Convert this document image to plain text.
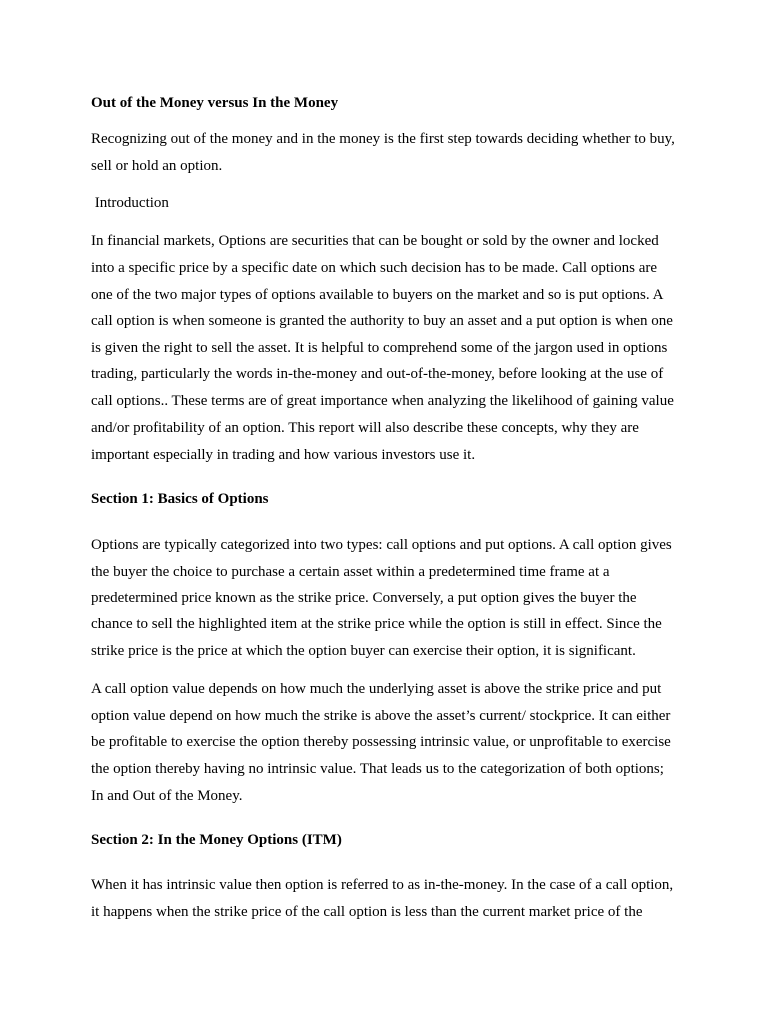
Out of the Money versus In the Money
Recognizing out of the money and in the money is the first step towards deciding whether to buy,
sell or hold an option.
Introduction
In financial markets, Options are securities that can be bought or sold by the owner and locked
into a specific price by a specific date on which such decision has to be made. Call options are
one of the two major types of options available to buyers on the market and so is put options. A
call option is when someone is granted the authority to buy an asset and a put option is when one
is given the right to sell the asset. It is helpful to comprehend some of the jargon used in options
trading, particularly the words in-the-money and out-of-the-money, before looking at the use of
call options.. These terms are of great importance when analyzing the likelihood of gaining value
and/or profitability of an option. This report will also describe these concepts, why they are
important especially in trading and how various investors use it.
Section 1: Basics of Options
Options are typically categorized into two types: call options and put options. A call option gives
the buyer the choice to purchase a certain asset within a predetermined time frame at a
predetermined price known as the strike price. Conversely, a put option gives the buyer the
chance to sell the highlighted item at the strike price while the option is still in effect. Since the
strike price is the price at which the option buyer can exercise their option, it is significant.
A call option value depends on how much the underlying asset is above the strike price and put
option value depend on how much the strike is above the asset’s current/ stockprice. It can either
be profitable to exercise the option thereby possessing intrinsic value, or unprofitable to exercise
the option thereby having no intrinsic value. That leads us to the categorization of both options;
In and Out of the Money.
Section 2: In the Money Options (ITM)
When it has intrinsic value then option is referred to as in-the-money. In the case of a call option,
it happens when the strike price of the call option is less than the current market price of the
